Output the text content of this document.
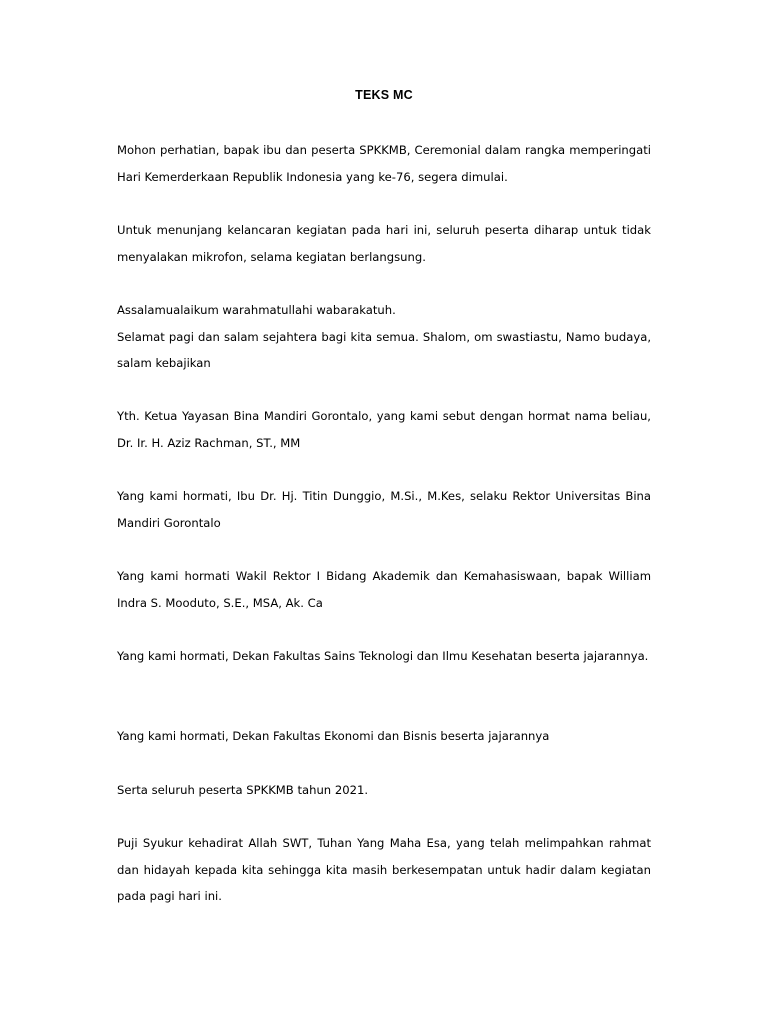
TEKS MC

Mohon perhatian, bapak ibu dan peserta SPKKMB, Ceremonial dalam rangka memperingati Hari Kemerderkaan Republik Indonesia yang ke-76, segera dimulai.

Untuk menunjang kelancaran kegiatan pada hari ini, seluruh peserta diharap untuk tidak menyalakan mikrofon, selama kegiatan berlangsung.

Assalamualaikum warahmatullahi wabarakatuh.

Selamat pagi dan salam sejahtera bagi kita semua. Shalom, om swastiastu, Namo budaya, salam kebajikan

Yth. Ketua Yayasan Bina Mandiri Gorontalo, yang kami sebut dengan hormat nama beliau, Dr. Ir. H. Aziz Rachman, ST., MM

Yang kami hormati, Ibu Dr. Hj. Titin Dunggio, M.Si., M.Kes, selaku Rektor Universitas Bina Mandiri Gorontalo

Yang kami hormati Wakil Rektor I Bidang Akademik dan Kemahasiswaan, bapak William Indra S. Mooduto, S.E., MSA, Ak. Ca

Yang kami hormati, Dekan Fakultas Sains Teknologi dan Ilmu Kesehatan beserta jajarannya.

Yang kami hormati, Dekan Fakultas Ekonomi dan Bisnis beserta jajarannya

Serta seluruh peserta SPKKMB tahun 2021.

Puji Syukur kehadirat Allah SWT, Tuhan Yang Maha Esa, yang telah melimpahkan rahmat dan hidayah kepada kita sehingga kita masih berkesempatan untuk hadir dalam kegiatan pada pagi hari ini.
